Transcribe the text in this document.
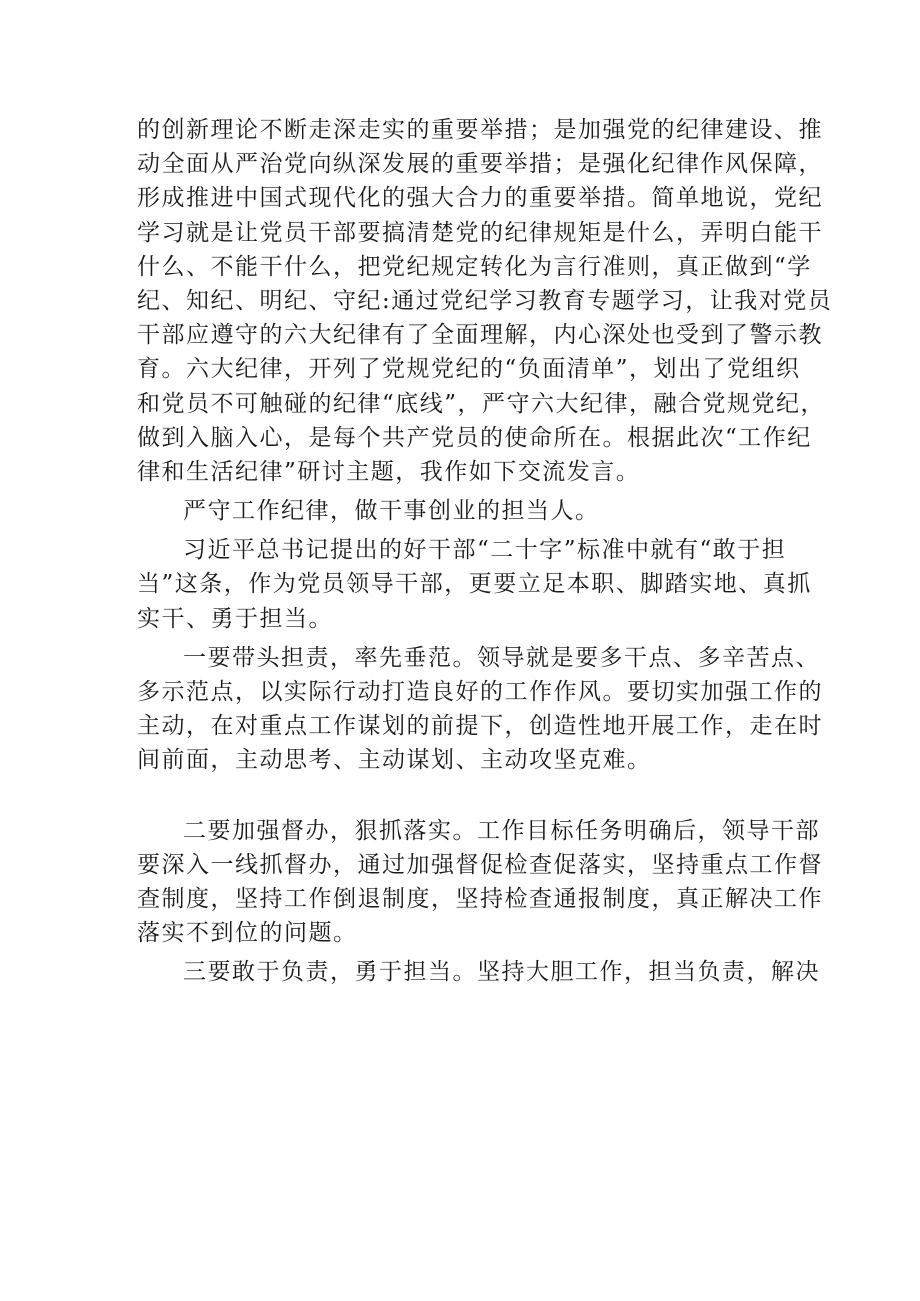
的创新理论不断走深走实的重要举措；是加强党的纪律建设、推
动全面从严治党向纵深发展的重要举措；是强化纪律作风保障，
形成推进中国式现代化的强大合力的重要举措。简单地说，党纪
学习就是让党员干部要搞清楚党的纪律规矩是什么，弄明白能干
什么、不能干什么，把党纪规定转化为言行准则，真正做到“学
纪、知纪、明纪、守纪:通过党纪学习教育专题学习，让我对党员
干部应遵守的六大纪律有了全面理解，内心深处也受到了警示教
育。六大纪律，开列了党规党纪的“负面清单”，划出了党组织
和党员不可触碰的纪律“底线”，严守六大纪律，融合党规党纪，
做到入脑入心，是每个共产党员的使命所在。根据此次“工作纪
律和生活纪律”研讨主题，我作如下交流发言。
严守工作纪律，做干事创业的担当人。
习近平总书记提出的好干部“二十字”标准中就有“敢于担
当”这条，作为党员领导干部，更要立足本职、脚踏实地、真抓
实干、勇于担当。
一要带头担责，率先垂范。领导就是要多干点、多辛苦点、
多示范点，以实际行动打造良好的工作作风。要切实加强工作的
主动，在对重点工作谋划的前提下，创造性地开展工作，走在时
间前面，主动思考、主动谋划、主动攻坚克难。
二要加强督办，狠抓落实。工作目标任务明确后，领导干部
要深入一线抓督办，通过加强督促检查促落实，坚持重点工作督
查制度，坚持工作倒退制度，坚持检查通报制度，真正解决工作
落实不到位的问题。
三要敢于负责，勇于担当。坚持大胆工作，担当负责，解决
